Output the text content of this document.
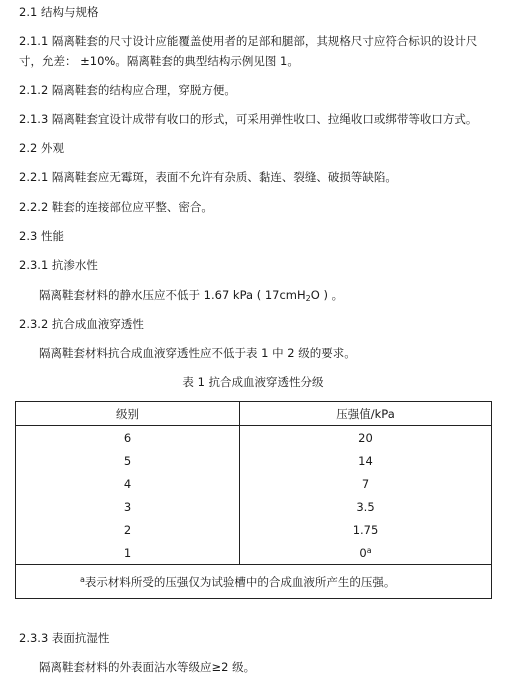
2.1 结构与规格
2.1.1 隔离鞋套的尺寸设计应能覆盖使用者的足部和腿部，其规格尺寸应符合标识的设计尺
寸，允差： ±10%。隔离鞋套的典型结构示例见图 1。
2.1.2 隔离鞋套的结构应合理，穿脱方便。
2.1.3 隔离鞋套宜设计成带有收口的形式，可采用弹性收口、拉绳收口或绑带等收口方式。
2.2 外观
2.2.1 隔离鞋套应无霉斑，表面不允许有杂质、黏连、裂缝、破损等缺陷。
2.2.2 鞋套的连接部位应平整、密合。
2.3 性能
2.3.1 抗渗水性
隔离鞋套材料的静水压应不低于 1.67 kPa ( 17cmH$_2$O ) 。
2.3.2 抗合成血液穿透性
隔离鞋套材料抗合成血液穿透性应不低于表 1 中 2 级的要求。
表 1 抗合成血液穿透性分级
级别	压强值/kPa
6	20
5	14
4	7
3	3.5
2	1.75
1	0$^a$
$^a$表示材料所受的压强仅为试验槽中的合成血液所产生的压强。	
2.3.3 表面抗湿性
隔离鞋套材料的外表面沾水等级应≥2 级。
